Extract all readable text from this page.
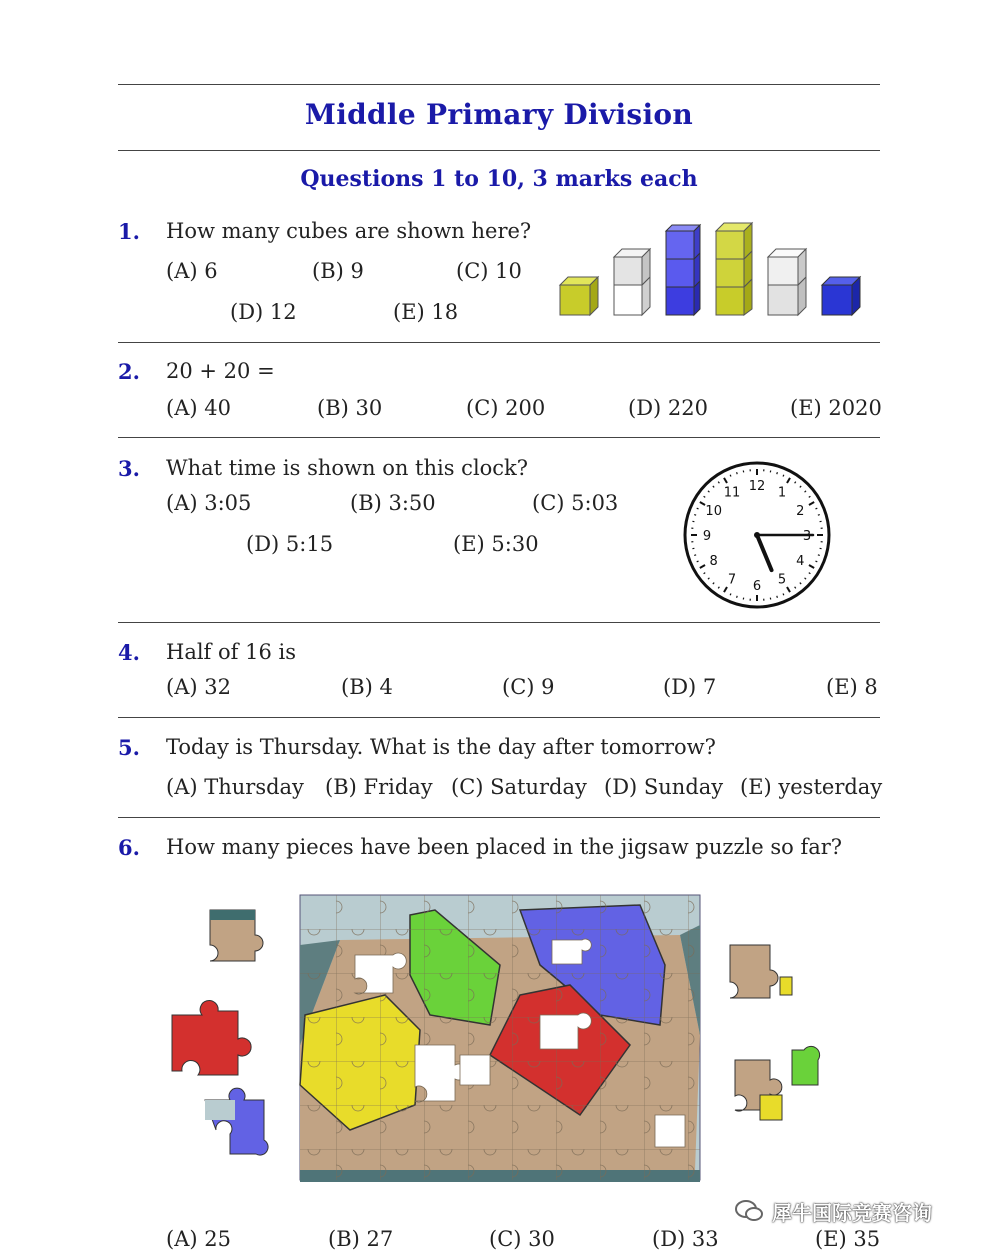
Middle Primary Division
Questions 1 to 10, 3 marks each
1. How many cubes are shown here?
(A) 6	(B) 9	(C) 10
(D) 12	(E) 18
2. 20 + 20 =
(A) 40	(B) 30	(C) 200	(D) 220	(E) 2020
3. What time is shown on this clock?
(A) 3:05	(B) 3:50	(C) 5:03
(D) 5:15	(E) 5:30
12 1
2
3
4
5
6
7
8
9
10
11
4. Half of 16 is
(A) 32	(B) 4	(C) 9	(D) 7	(E) 8
5. Today is Thursday. What is the day after tomorrow?
(A) Thursday (B) Friday (C) Saturday (D) Sunday (E) yesterday
6. How many pieces have been placed in the jigsaw puzzle so far?
(A) 25	(B) 27	(C) 30	(D) 33	(E) 35
犀牛国际竞赛咨询
